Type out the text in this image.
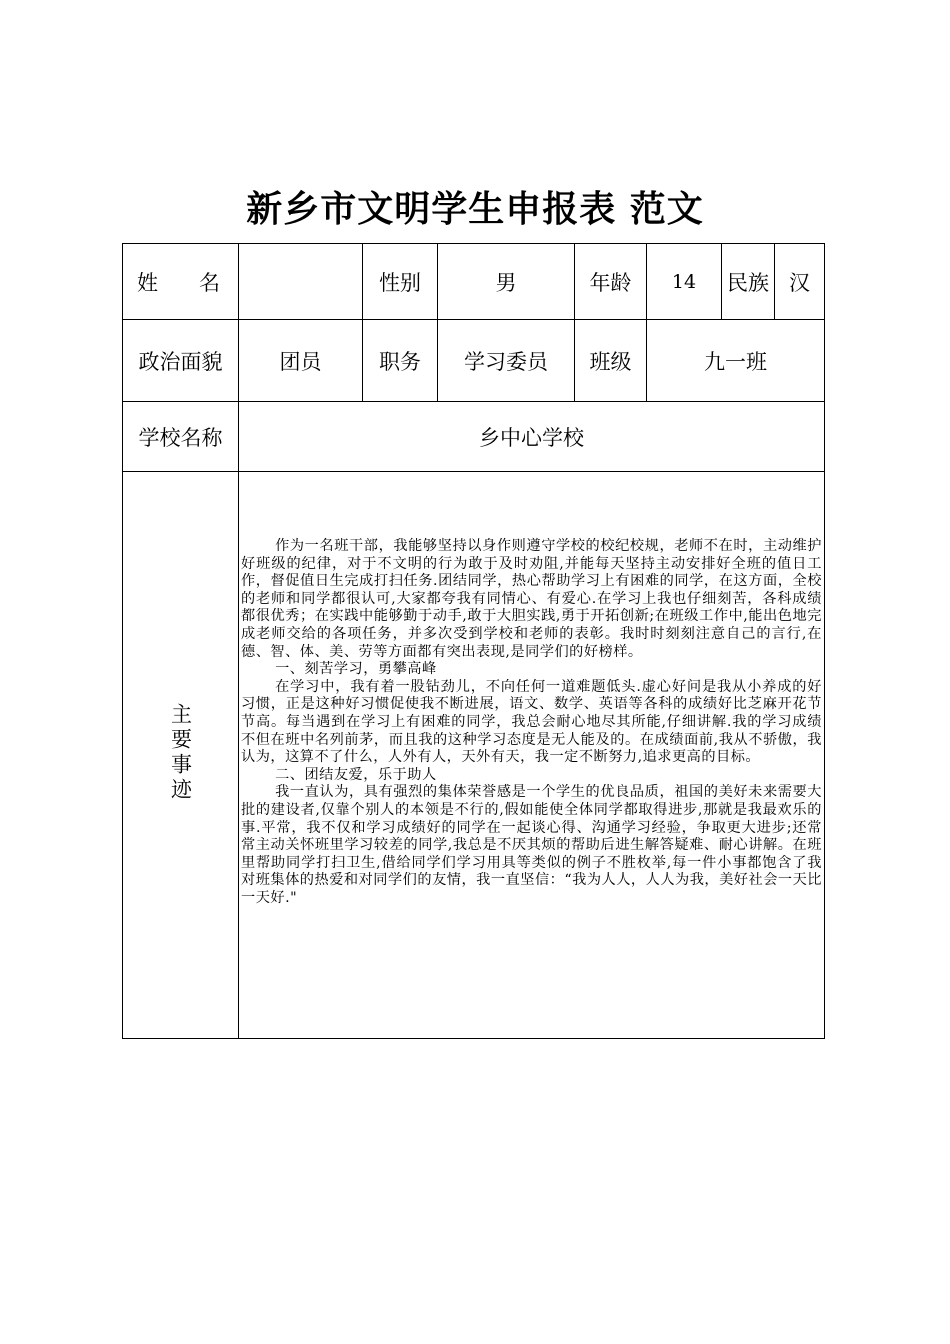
新乡市文明学生申报表 范文
姓名		性别	男	年龄	14	民族	汉
政治面貌	团员	职务	学习委员	班级	九一班		
学校名称	乡中心学校						
主要事迹	作为一名班干部，我能够坚持以身作则遵守学校的校纪校规，老师不在时，主动维护好班级的纪律，对于不文明的行为敢于及时劝阻,并能每天坚持主动安排好全班的值日工作，督促值日生完成打扫任务.团结同学，热心帮助学习上有困难的同学，在这方面，全校的老师和同学都很认可,大家都夸我有同情心、有爱心.在学习上我也仔细刻苦，各科成绩都很优秀；在实践中能够勤于动手,敢于大胆实践,勇于开拓创新;在班级工作中,能出色地完成老师交给的各项任务，并多次受到学校和老师的表彰。我时时刻刻注意自己的言行,在德、智、体、美、劳等方面都有突出表现,是同学们的好榜样。

一、刻苦学习，勇攀高峰

在学习中，我有着一股钻劲儿，不向任何一道难题低头.虚心好问是我从小养成的好习惯，正是这种好习惯促使我不断进展，语文、数学、英语等各科的成绩好比芝麻开花节节高。每当遇到在学习上有困难的同学，我总会耐心地尽其所能,仔细讲解.我的学习成绩不但在班中名列前茅，而且我的这种学习态度是无人能及的。在成绩面前,我从不骄傲，我认为，这算不了什么，人外有人，天外有天，我一定不断努力,追求更高的目标。

二、团结友爱，乐于助人

我一直认为，具有强烈的集体荣誉感是一个学生的优良品质，祖国的美好未来需要大批的建设者,仅靠个别人的本领是不行的,假如能使全体同学都取得进步,那就是我最欢乐的事.平常，我不仅和学习成绩好的同学在一起谈心得、沟通学习经验，争取更大进步;还常常主动关怀班里学习较差的同学,我总是不厌其烦的帮助后进生解答疑难、耐心讲解。在班里帮助同学打扫卫生,借给同学们学习用具等类似的例子不胜枚举,每一件小事都饱含了我对班集体的热爱和对同学们的友情，我一直坚信：“我为人人，人人为我，美好社会一天比一天好."						
